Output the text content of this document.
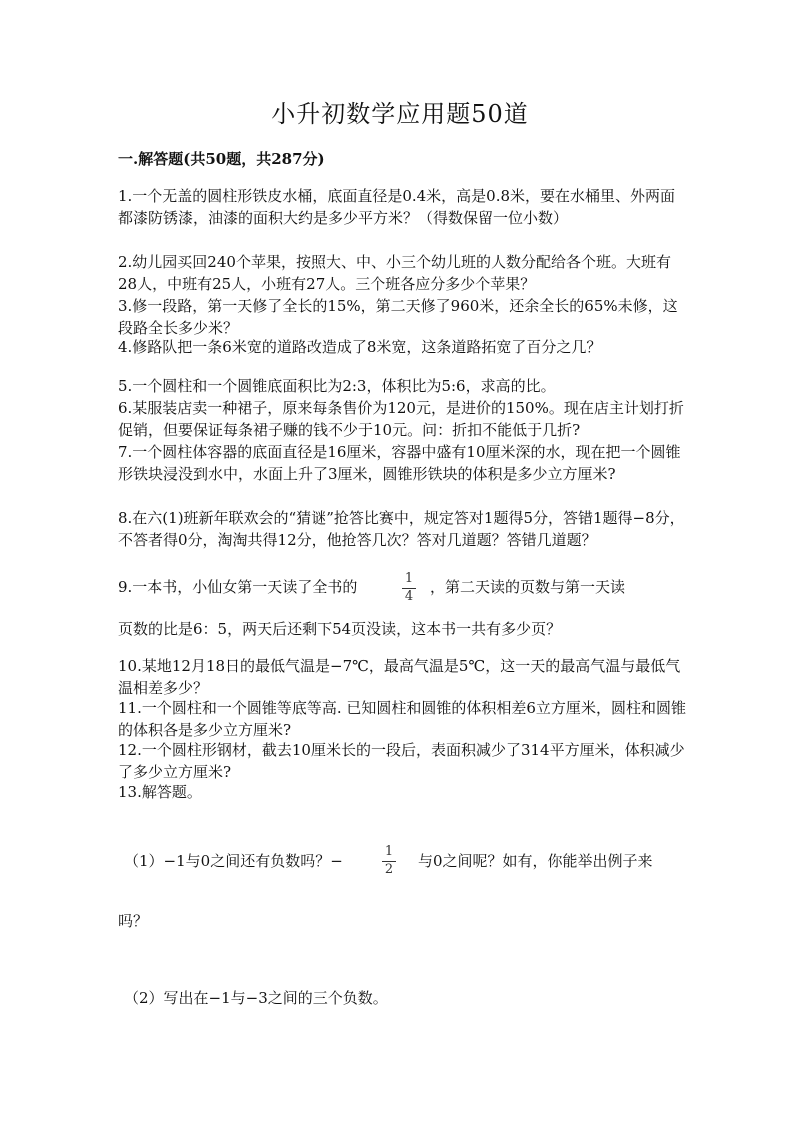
小升初数学应用题50道
一.解答题(共50题，共287分)
1.一个无盖的圆柱形铁皮水桶，底面直径是0.4米，高是0.8米，要在水桶里、外两面都漆防锈漆，油漆的面积大约是多少平方米？（得数保留一位小数）
2.幼儿园买回240个苹果，按照大、中、小三个幼儿班的人数分配给各个班。大班有28人，中班有25人，小班有27人。三个班各应分多少个苹果？
3.修一段路，第一天修了全长的15%，第二天修了960米，还余全长的65%未修，这段路全长多少米？
4.修路队把一条6米宽的道路改造成了8米宽，这条道路拓宽了百分之几？
5.一个圆柱和一个圆锥底面积比为2:3，体积比为5:6，求高的比。
6.某服装店卖一种裙子，原来每条售价为120元，是进价的150%。现在店主计划打折促销，但要保证每条裙子赚的钱不少于10元。问：折扣不能低于几折?
7.一个圆柱体容器的底面直径是16厘米，容器中盛有10厘米深的水，现在把一个圆锥形铁块浸没到水中，水面上升了3厘米，圆锥形铁块的体积是多少立方厘米?
8.在六(1)班新年联欢会的“猜谜”抢答比赛中，规定答对1题得5分，答错1题得−8分，不答者得0分，淘淘共得12分，他抢答几次？答对几道题？答错几道题？
9.一本书，小仙女第一天读了全书的	1
4
，第二天读的页数与第一天读
页数的比是6：5，两天后还剩下54页没读，这本书一共有多少页？
10.某地12月18日的最低气温是−7℃，最高气温是5℃，这一天的最高气温与最低气温相差多少？
11.一个圆柱和一个圆锥等底等高. 已知圆柱和圆锥的体积相差6立方厘米，圆柱和圆锥的体积各是多少立方厘米?
12.一个圆柱形钢材，截去10厘米长的一段后，表面积减少了314平方厘米，体积减少了多少立方厘米?
13.解答题。
（1）−1与0之间还有负数吗？−
1
2 与0之间呢？如有，你能举出例子来
吗？
（2）写出在−1与−3之间的三个负数。
